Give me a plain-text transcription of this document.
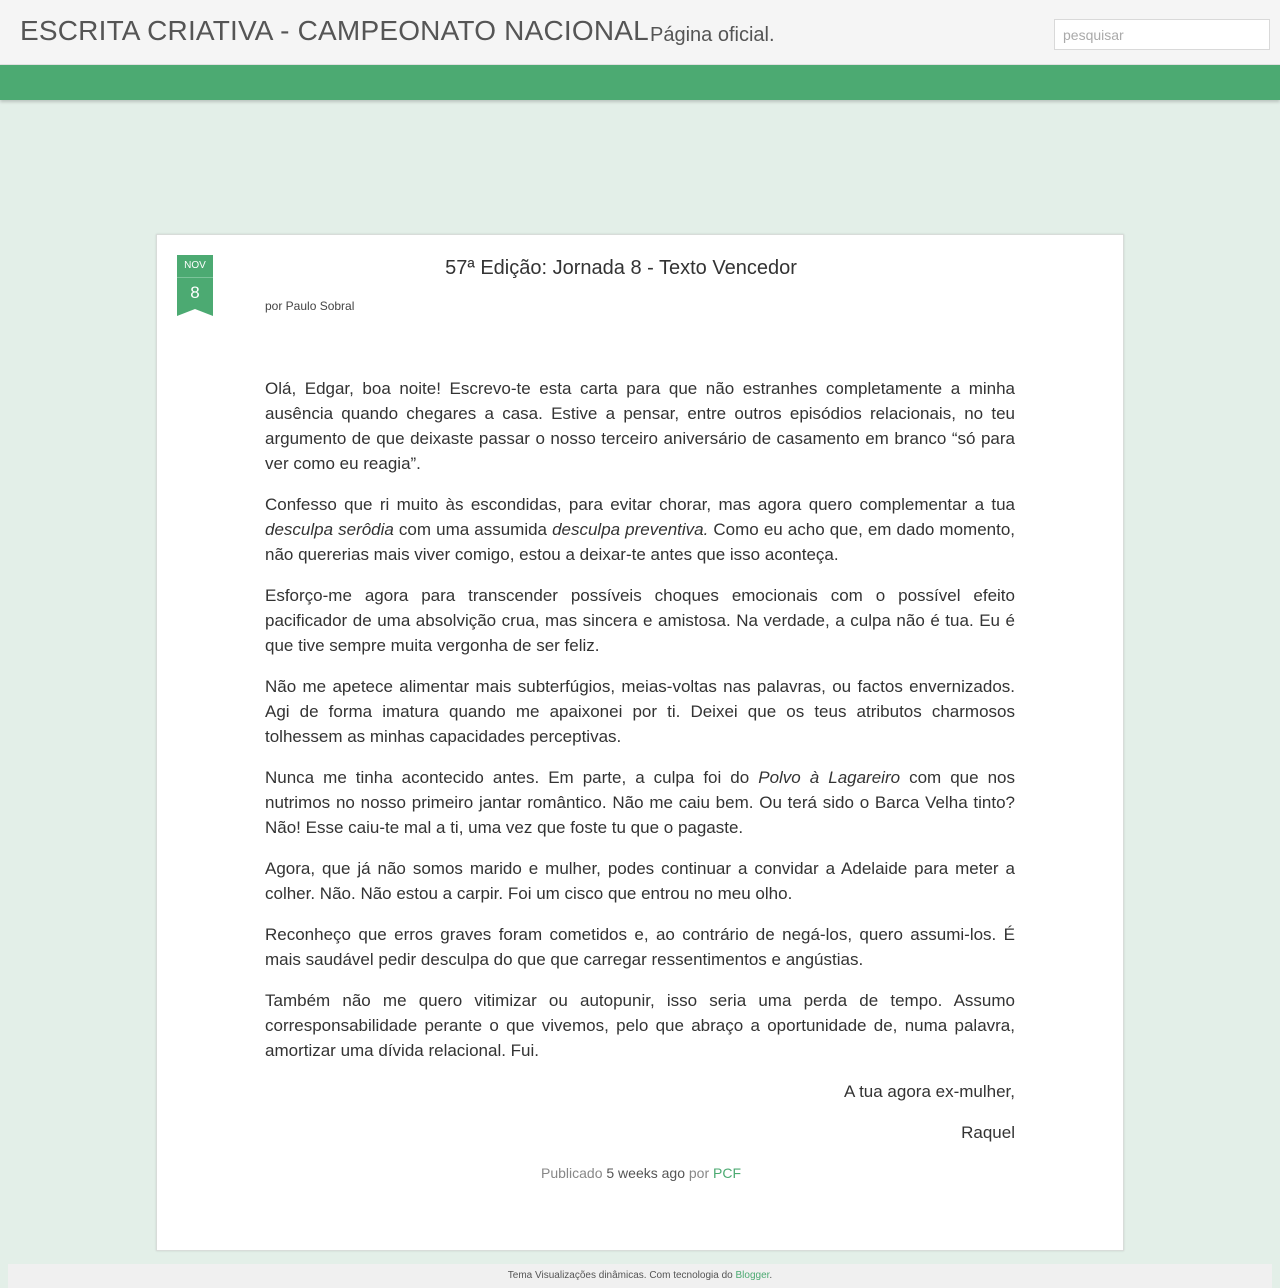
ESCRITA CRIATIVA - CAMPEONATO NACIONAL Página oficial.
pesquisar
NOV
8
57ª Edição: Jornada 8 - Texto Vencedor
por Paulo Sobral

Olá, Edgar, boa noite! Escrevo-te esta carta para que não estranhes completamente a minha ausência quando chegares a casa. Estive a pensar, entre outros episódios relacionais, no teu argumento de que deixaste passar o nosso terceiro aniversário de casamento em branco “só para ver como eu reagia”.

Confesso que ri muito às escondidas, para evitar chorar, mas agora quero complementar a tua desculpa serôdia com uma assumida desculpa preventiva. Como eu acho que, em dado momento, não quererias mais viver comigo, estou a deixar-te antes que isso aconteça.

Esforço-me agora para transcender possíveis choques emocionais com o possível efeito pacificador de uma absolvição crua, mas sincera e amistosa. Na verdade, a culpa não é tua. Eu é que tive sempre muita vergonha de ser feliz.

Não me apetece alimentar mais subterfúgios, meias-voltas nas palavras, ou factos envernizados. Agi de forma imatura quando me apaixonei por ti. Deixei que os teus atributos charmosos tolhessem as minhas capacidades perceptivas.

Nunca me tinha acontecido antes. Em parte, a culpa foi do Polvo à Lagareiro com que nos nutrimos no nosso primeiro jantar romântico. Não me caiu bem. Ou terá sido o Barca Velha tinto? Não! Esse caiu-te mal a ti, uma vez que foste tu que o pagaste.

Agora, que já não somos marido e mulher, podes continuar a convidar a Adelaide para meter a colher. Não. Não estou a carpir. Foi um cisco que entrou no meu olho.

Reconheço que erros graves foram cometidos e, ao contrário de negá-los, quero assumi-los. É mais saudável pedir desculpa do que que carregar ressentimentos e angústias.

Também não me quero vitimizar ou autopunir, isso seria uma perda de tempo. Assumo corresponsabilidade perante o que vivemos, pelo que abraço a oportunidade de, numa palavra, amortizar uma dívida relacional. Fui.

A tua agora ex-mulher,

Raquel

Publicado 5 weeks ago por PCF
Tema Visualizações dinâmicas. Com tecnologia do Blogger.
